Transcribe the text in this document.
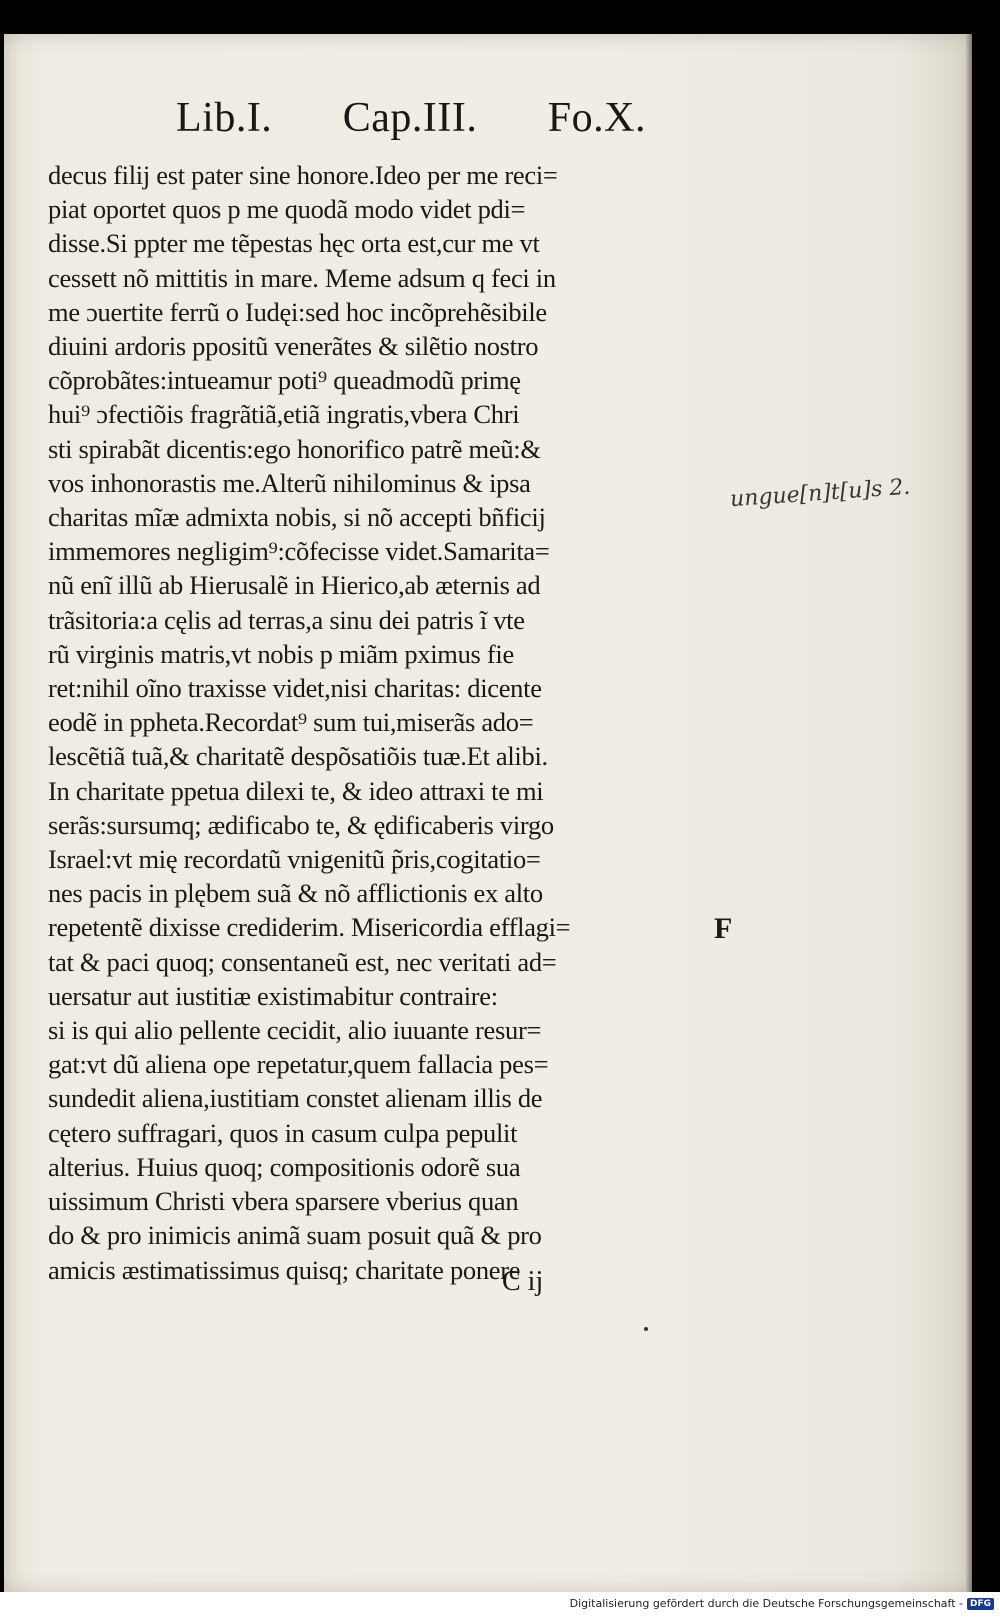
Lib.I. Cap.III. Fo.X.
decus filij est pater sine honore.Ideo per me reci=
piat oportet quos p me quodã modo videt pdi=
disse.Si ppter me tẽpestas hęc orta est,cur me vt
cessett nõ mittitis in mare. Meme adsum q feci in
me ɔuertite ferrũ o Iudęi:sed hoc incõprehẽsibile
diuini ardoris ppositũ venerãtes & silẽtio nostro
cõprobãtes:intueamur poti⁹ queadmodũ primę
hui⁹ ɔfectiõis fragrãtiã,etiã ingratis,vbera Chri
sti spirabãt dicentis:ego honorifico patrẽ meũ:&
vos inhonorastis me.Alterũ nihilominus & ipsa
charitas mĩæ admixta nobis, si nõ accepti bñficij
immemores negligim⁹:cõfecisse videt.Samarita=
nũ enĩ illũ ab Hierusalẽ in Hierico,ab æternis ad
trãsitoria:a cęlis ad terras,a sinu dei patris ĩ vte
rũ virginis matris,vt nobis p miãm pximus fie
ret:nihil oĩno traxisse videt,nisi charitas: dicente
eodẽ in ppheta.Recordat⁹ sum tui,miserãs ado=
lescẽtiã tuã,& charitatẽ despõsatiõis tuæ.Et alibi.
In charitate ppetua dilexi te, & ideo attraxi te mi
serãs:sursumq; ædificabo te, & ędificaberis virgo
Israel:vt mię recordatũ vnigenitũ p̃ris,cogitatio=
nes pacis in plębem suã & nõ afflictionis ex alto
repetentẽ dixisse crediderim. Misericordia efflagi=
tat & paci quoq; consentaneũ est, nec veritati ad=
uersatur aut iustitiæ existimabitur contraire:
si is qui alio pellente cecidit, alio iuuante resur=
gat:vt dũ aliena ope repetatur,quem fallacia pes=
sundedit aliena,iustitiam constet alienam illis de
cętero suffragari, quos in casum culpa pepulit
alterius. Huius quoq; compositionis odorẽ sua
uissimum Christi vbera sparsere vberius quan
do & pro inimicis animã suam posuit quã & pro
amicis æstimatissimus quisq; charitate ponere
C ij
ungue[n]t[u]s 2.
F
Digitalisierung gefördert durch die Deutsche Forschungsgemeinschaft - DFG
